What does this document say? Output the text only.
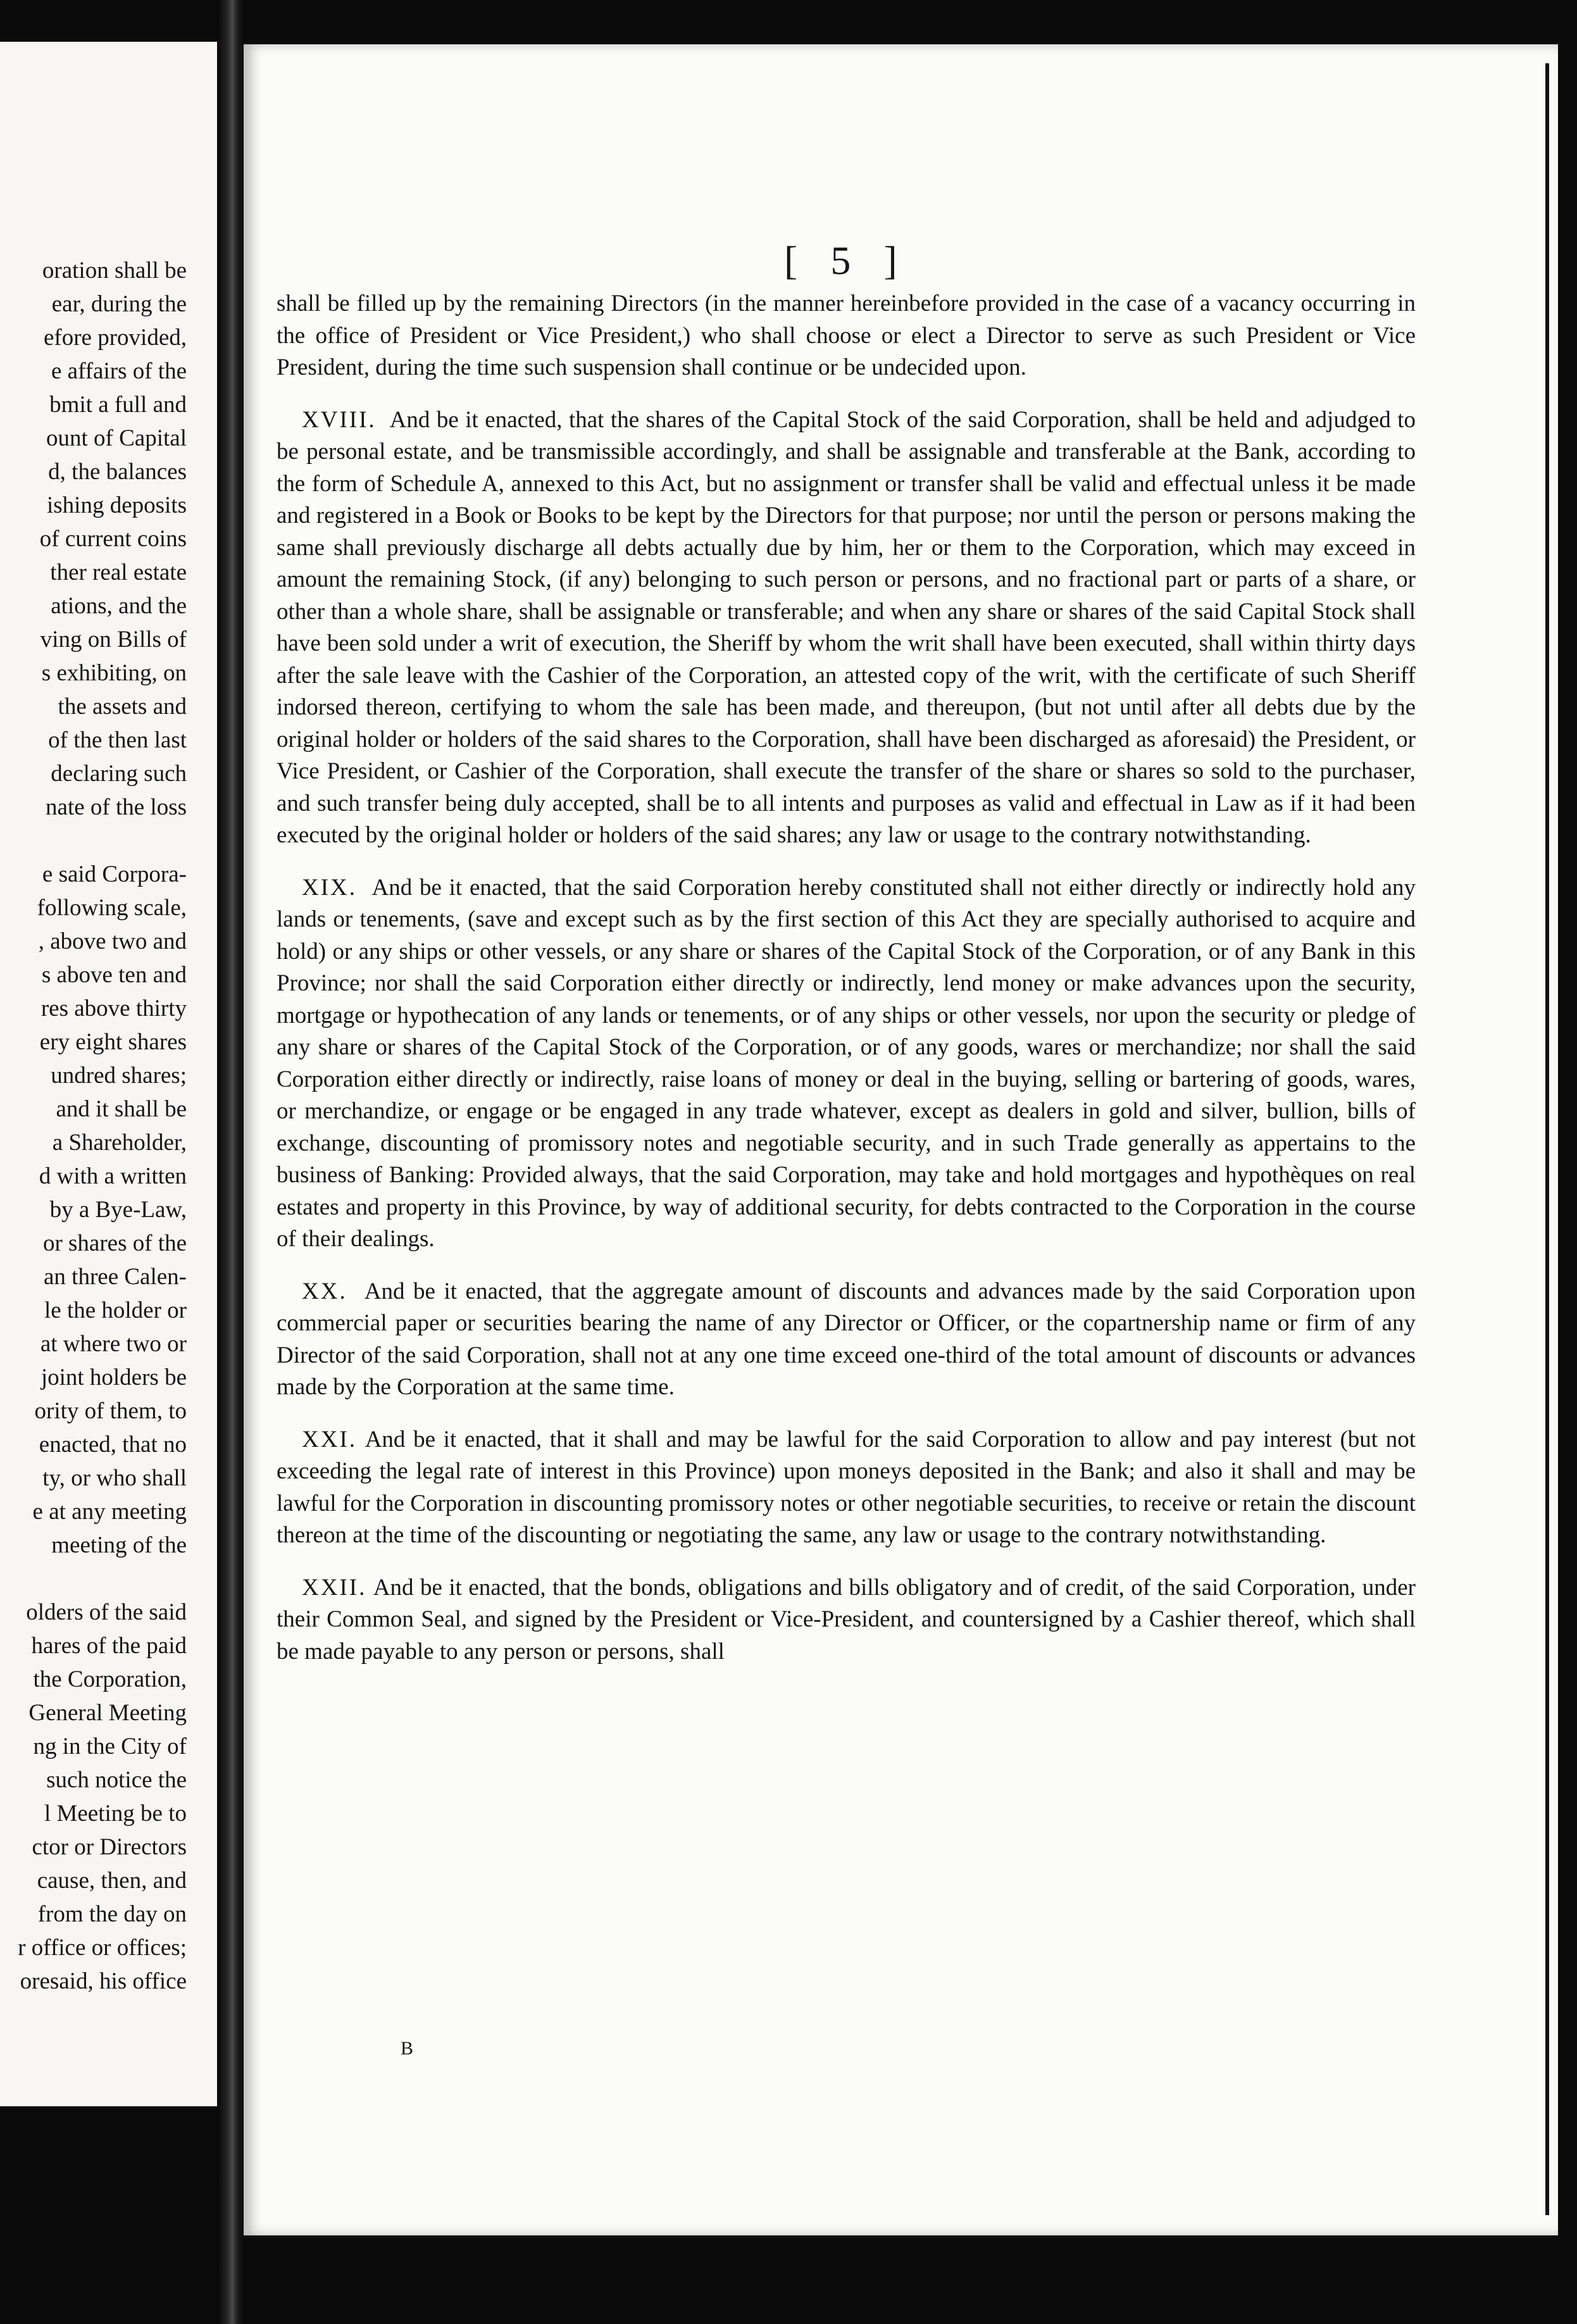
oration shall be
ear, during the
efore provided,
e affairs of the
bmit a full and
ount of Capital
d, the balances
ishing deposits
of current coins
ther real estate
ations, and the
ving on Bills of
s exhibiting, on
the assets and
of the then last
declaring such
nate of the loss
e said Corpora-
following scale,
, above two and
s above ten and
res above thirty
ery eight shares
undred shares;
and it shall be
a Shareholder,
d with a written
by a Bye-Law,
or shares of the
an three Calen-
le the holder or
at where two or
joint holders be
ority of them, to
enacted, that no
ty, or who shall
e at any meeting
meeting of the
olders of the said
hares of the paid
the Corporation,
General Meeting
ng in the City of
such notice the
l Meeting be to
ctor or Directors
cause, then, and
from the day on
r office or offices;
oresaid, his office
[ 5 ]

shall be filled up by the remaining Directors (in the manner hereinbefore provided in the case of a vacancy occurring in the office of President or Vice President,) who shall choose or elect a Director to serve as such President or Vice President, during the time such suspension shall continue or be undecided upon.

XVIII. And be it enacted, that the shares of the Capital Stock of the said Corporation, shall be held and adjudged to be personal estate, and be transmissible accordingly, and shall be assignable and transferable at the Bank, according to the form of Schedule A, annexed to this Act, but no assignment or transfer shall be valid and effectual unless it be made and registered in a Book or Books to be kept by the Directors for that purpose; nor until the person or persons making the same shall previously discharge all debts actually due by him, her or them to the Corporation, which may exceed in amount the remaining Stock, (if any) belonging to such person or persons, and no fractional part or parts of a share, or other than a whole share, shall be assignable or transferable; and when any share or shares of the said Capital Stock shall have been sold under a writ of execution, the Sheriff by whom the writ shall have been executed, shall within thirty days after the sale leave with the Cashier of the Corporation, an attested copy of the writ, with the certificate of such Sheriff indorsed thereon, certifying to whom the sale has been made, and thereupon, (but not until after all debts due by the original holder or holders of the said shares to the Corporation, shall have been discharged as aforesaid) the President, or Vice President, or Cashier of the Corporation, shall execute the transfer of the share or shares so sold to the purchaser, and such transfer being duly accepted, shall be to all intents and purposes as valid and effectual in Law as if it had been executed by the original holder or holders of the said shares; any law or usage to the contrary notwithstanding.

XIX. And be it enacted, that the said Corporation hereby constituted shall not either directly or indirectly hold any lands or tenements, (save and except such as by the first section of this Act they are specially authorised to acquire and hold) or any ships or other vessels, or any share or shares of the Capital Stock of the Corporation, or of any Bank in this Province; nor shall the said Corporation either directly or indirectly, lend money or make advances upon the security, mortgage or hypothecation of any lands or tenements, or of any ships or other vessels, nor upon the security or pledge of any share or shares of the Capital Stock of the Corporation, or of any goods, wares or merchandize; nor shall the said Corporation either directly or indirectly, raise loans of money or deal in the buying, selling or bartering of goods, wares, or merchandize, or engage or be engaged in any trade whatever, except as dealers in gold and silver, bullion, bills of exchange, discounting of promissory notes and negotiable security, and in such Trade generally as appertains to the business of Banking: Provided always, that the said Corporation, may take and hold mortgages and hypothèques on real estates and property in this Province, by way of additional security, for debts contracted to the Corporation in the course of their dealings.

XX. And be it enacted, that the aggregate amount of discounts and advances made by the said Corporation upon commercial paper or securities bearing the name of any Director or Officer, or the copartnership name or firm of any Director of the said Corporation, shall not at any one time exceed one-third of the total amount of discounts or advances made by the Corporation at the same time.

XXI. And be it enacted, that it shall and may be lawful for the said Corporation to allow and pay interest (but not exceeding the legal rate of interest in this Province) upon moneys deposited in the Bank; and also it shall and may be lawful for the Corporation in discounting promissory notes or other negotiable securities, to receive or retain the discount thereon at the time of the discounting or negotiating the same, any law or usage to the contrary notwithstanding.

XXII. And be it enacted, that the bonds, obligations and bills obligatory and of credit, of the said Corporation, under their Common Seal, and signed by the President or Vice-President, and countersigned by a Cashier thereof, which shall be made payable to any person or persons, shall

B
